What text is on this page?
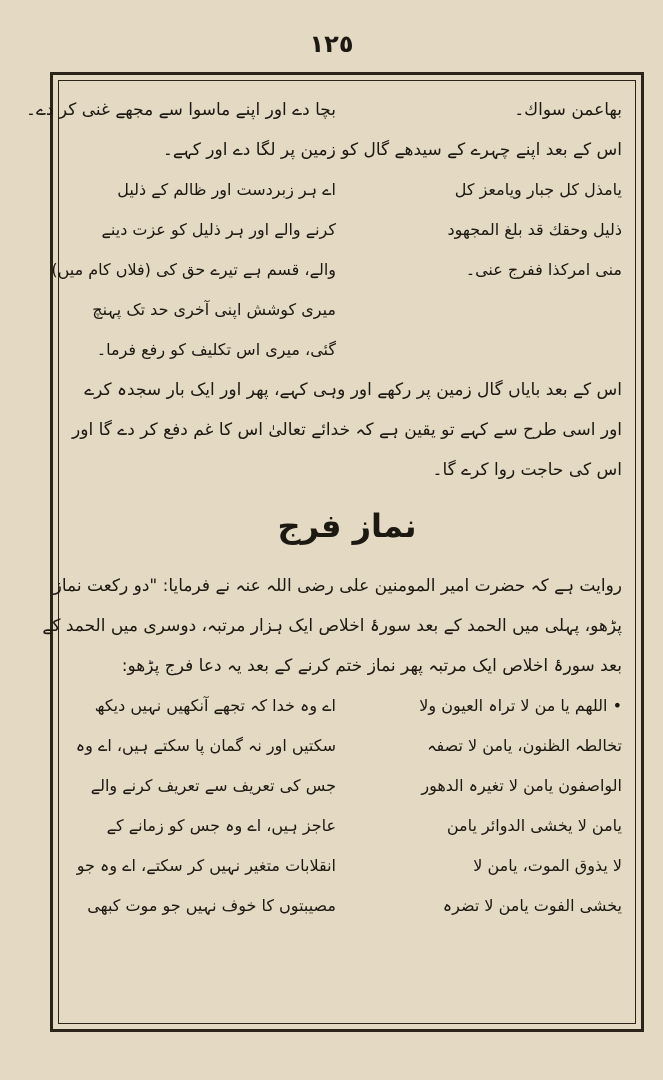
١٢٥
بهاعمن سواك۔
بچا دے اور اپنے ماسوا سے مجھے غنی کر دے۔
اس کے بعد اپنے چہرے کے سیدھے گال کو زمین پر لگا دے اور کہے۔
یامذل کل جبار ویامعز کل
ذلیل وحقك قد بلغ المجهود
منی امرکذا ففرج عنی۔
اے ہر زبردست اور ظالم کے ذلیل
کرنے والے اور ہر ذلیل کو عزت دینے
والے، قسم ہے تیرے حق کی (فلاں کام میں)
میری کوشش اپنی آخری حد تک پہنچ
گئی، میری اس تکلیف کو رفع فرما۔
اس کے بعد بایاں گال زمین پر رکھے اور وہی کہے، پھر اور ایک بار سجدہ کرے
اور اسی طرح سے کہے تو یقین ہے کہ خدائے تعالیٰ اس کا غم دفع کر دے گا اور
اس کی حاجت روا کرے گا۔
نماز فرج
روایت ہے کہ حضرت امیر المومنین علی رضی اللہ عنہ نے فرمایا: "دو رکعت نماز
پڑھو، پہلی میں الحمد کے بعد سورۂ اخلاص ایک ہزار مرتبہ، دوسری میں الحمد کے
بعد سورۂ اخلاص ایک مرتبہ پھر نماز ختم کرنے کے بعد یہ دعا فرج پڑھو:
• اللھم یا من لا تراہ العیون ولا
تخالطہ الظنون، یامن لا تصفہ
الواصفون یامن لا تغیرہ الدھور
یامن لا یخشی الدوائر یامن
لا یذوق الموت، یامن لا
یخشی الفوت یامن لا تضرہ
اے وہ خدا کہ تجھے آنکھیں نہیں دیکھ
سکتیں اور نہ گمان پا سکتے ہیں، اے وہ
جس کی تعریف سے تعریف کرنے والے
عاجز ہیں، اے وہ جس کو زمانے کے
انقلابات متغیر نہیں کر سکتے، اے وہ جو
مصیبتوں کا خوف نہیں جو موت کبھی
